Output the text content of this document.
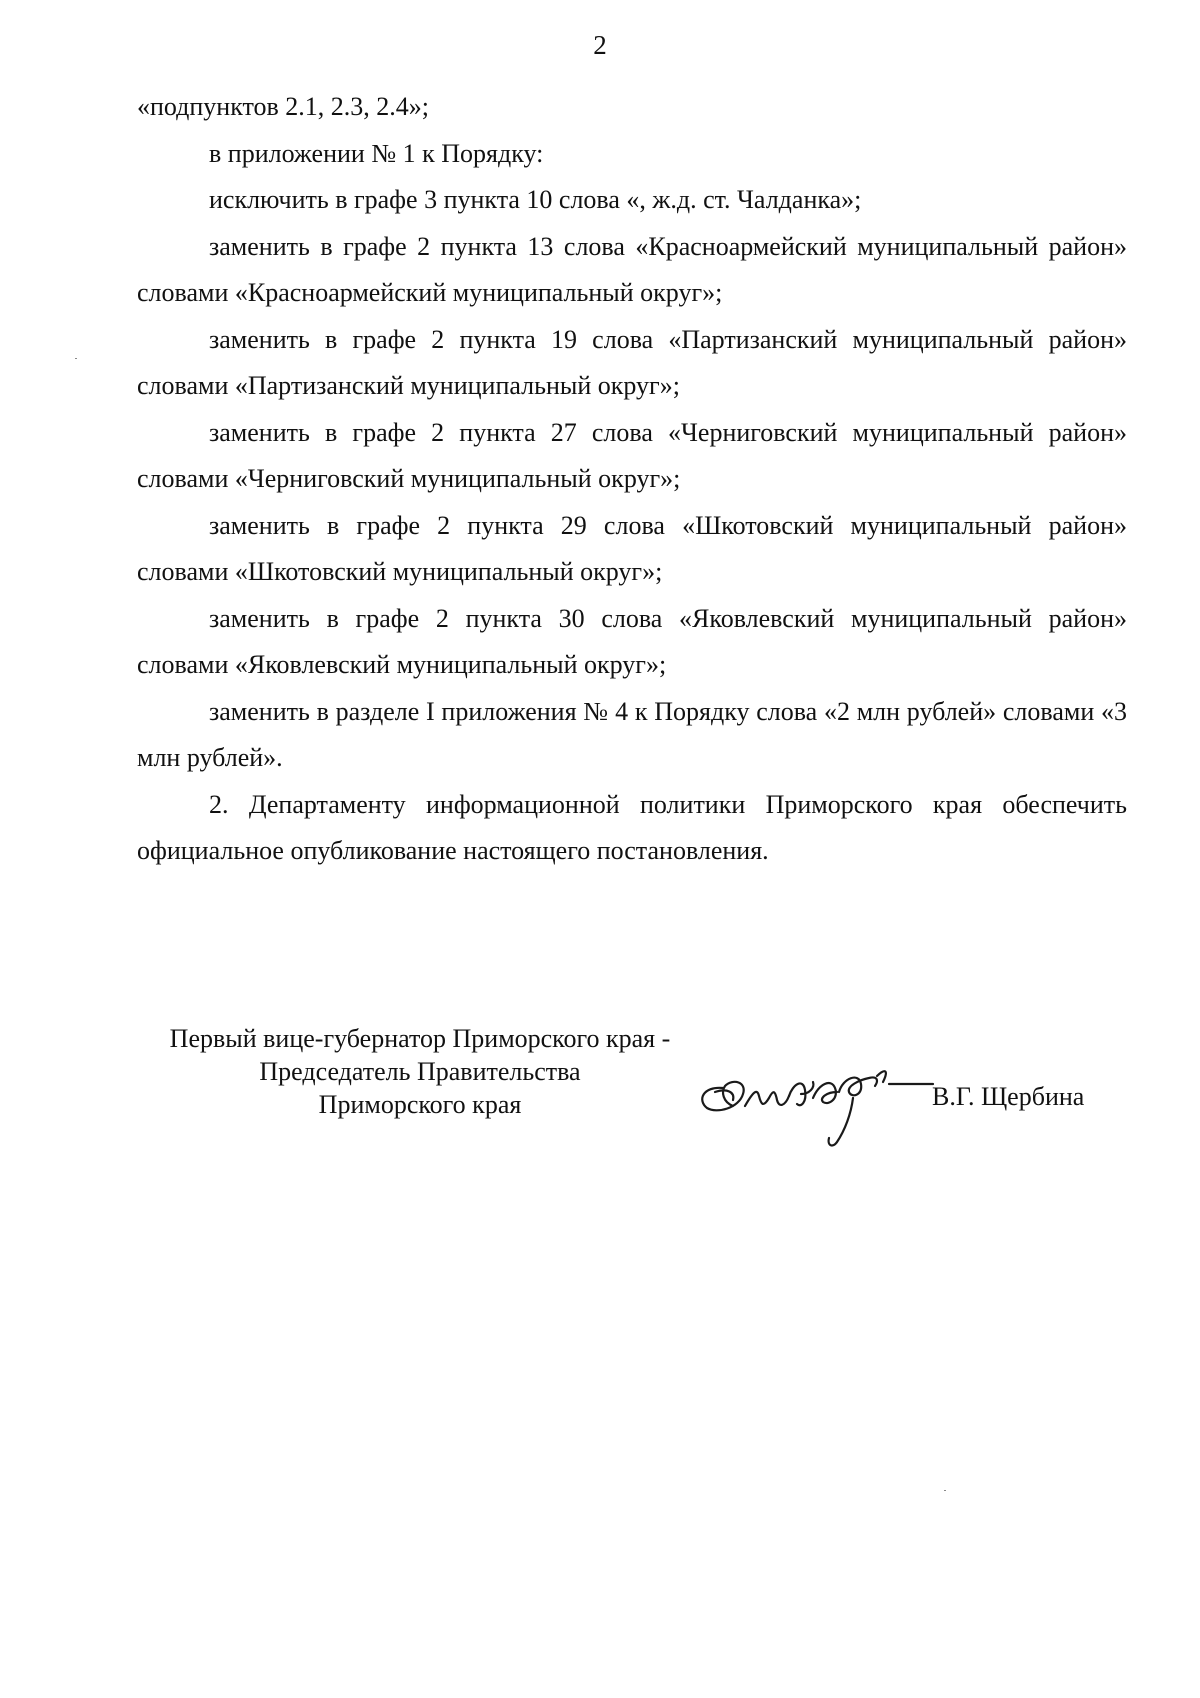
2

«подпунктов 2.1, 2.3, 2.4»;

в приложении № 1 к Порядку:

исключить в графе 3 пункта 10 слова «, ж.д. ст. Чалданка»;

заменить в графе 2 пункта 13 слова «Красноармейский муниципальный район» словами «Красноармейский муниципальный округ»;

заменить в графе 2 пункта 19 слова «Партизанский муниципальный район» словами «Партизанский муниципальный округ»;

заменить в графе 2 пункта 27 слова «Черниговский муниципальный район» словами «Черниговский муниципальный округ»;

заменить в графе 2 пункта 29 слова «Шкотовский муниципальный район» словами «Шкотовский муниципальный округ»;

заменить в графе 2 пункта 30 слова «Яковлевский муниципальный район» словами «Яковлевский муниципальный округ»;

заменить в разделе I приложения № 4 к Порядку слова «2 млн рублей» словами «3 млн рублей».

2. Департаменту информационной политики Приморского края обеспечить официальное опубликование настоящего постановления.

Первый вице-губернатор Приморского края -
Председатель Правительства
Приморского края	В.Г. Щербина
